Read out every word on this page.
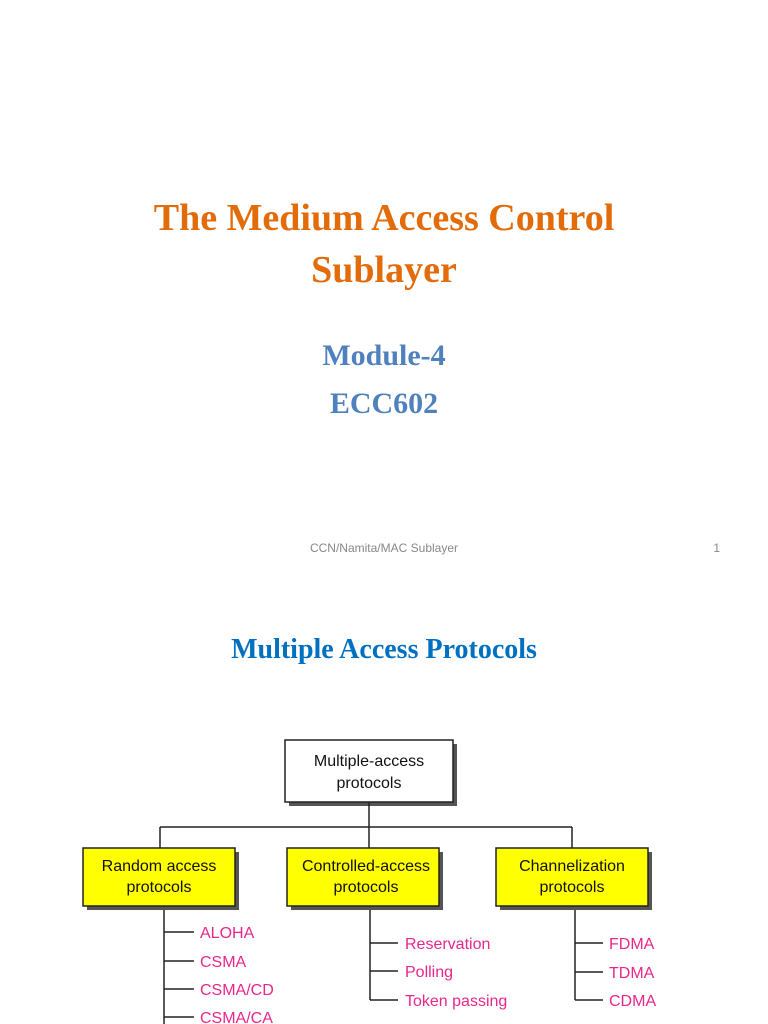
The Medium Access Control
Sublayer
Module-4
ECC602
CCN/Namita/MAC Sublayer	1
Multiple Access Protocols
Multiple-access
protocols
Random access
protocols
Controlled-access
protocols
Channelization
protocols
ALOHA
CSMA
CSMA/CD
CSMA/CA
Reservation
Polling
Token passing
FDMA
TDMA
CDMA
